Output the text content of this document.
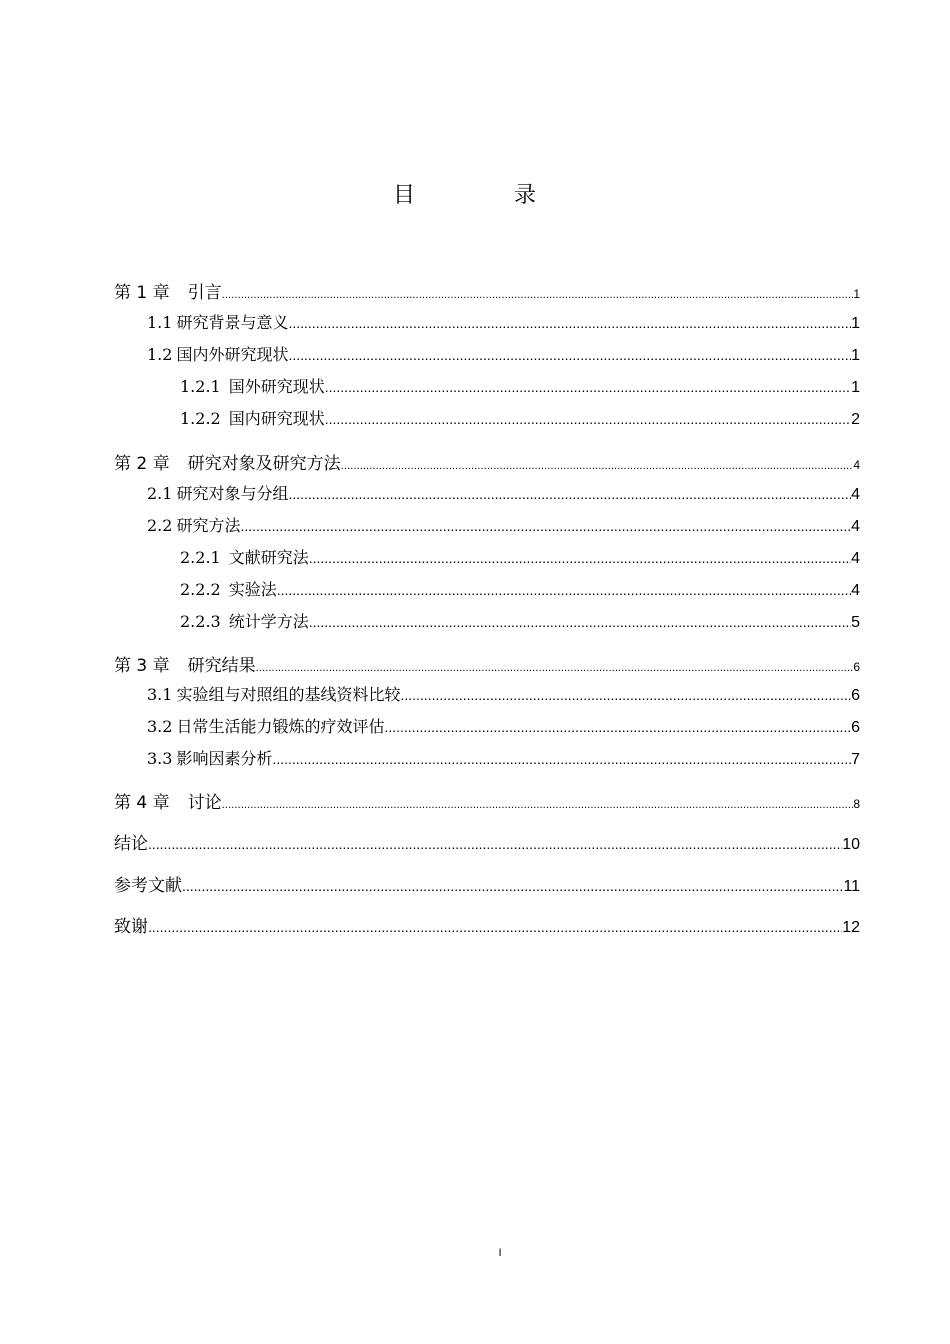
目 录
第 1 章 引言 .....	1
1.1  研究背景与意义 .....	1
1.2  国内外研究现状 .....	1
1.2.1  国外研究现状 .....	1
1.2.2  国内研究现状 .....	2
第 2 章 研究对象及研究方法 .....	4
2.1  研究对象与分组 .....	4
2.2  研究方法 .....	4
2.2.1  文献研究法 .....	4
2.2.2  实验法 .....	4
2.2.3  统计学方法 .....	5
第 3 章 研究结果 .....	6
3.1  实验组与对照组的基线资料比较 .....	6
3.2  日常生活能力锻炼的疗效评估 .....	6
3.3  影响因素分析 .....	7
第 4 章 讨论 .....	8
结论 .....	10
参考文献 .....	11
致谢 .....	12
I
